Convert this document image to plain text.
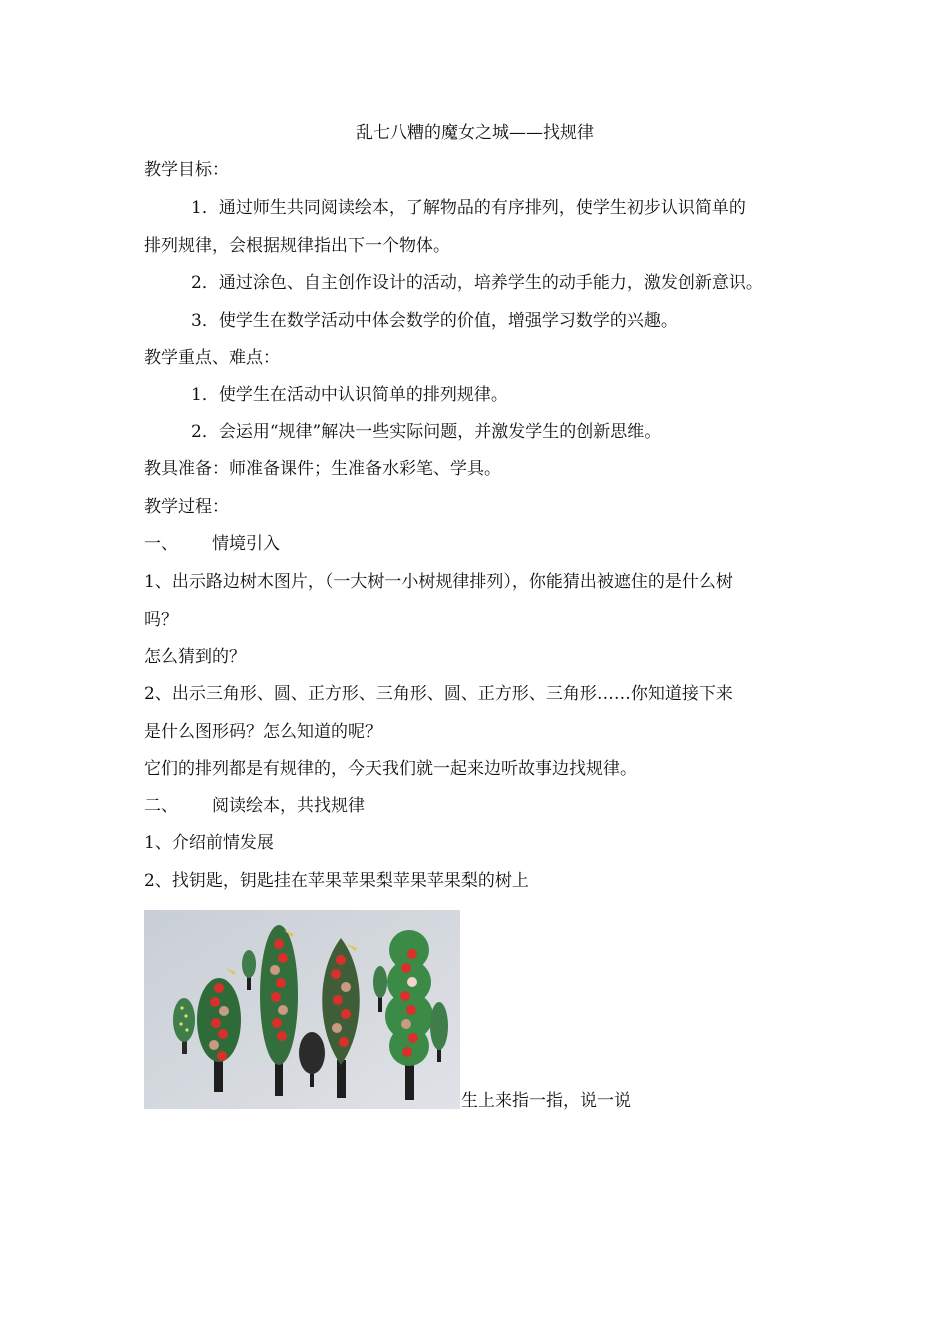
乱七八糟的魔女之城——找规律
教学目标：
1．通过师生共同阅读绘本，了解物品的有序排列，使学生初步认识简单的
排列规律，会根据规律指出下一个物体。
2．通过涂色、自主创作设计的活动，培养学生的动手能力，激发创新意识。
3．使学生在数学活动中体会数学的价值，增强学习数学的兴趣。
教学重点、难点：
1．使学生在活动中认识简单的排列规律。
2．会运用“规律”解决一些实际问题，并激发学生的创新思维。
教具准备：师准备课件；生准备水彩笔、学具。
教学过程：
一、 情境引入
1、出示路边树木图片，（一大树一小树规律排列），你能猜出被遮住的是什么树
吗？
怎么猜到的？
2、出示三角形、圆、正方形、三角形、圆、正方形、三角形……你知道接下来
是什么图形码？怎么知道的呢？
它们的排列都是有规律的，今天我们就一起来边听故事边找规律。
二、 阅读绘本，共找规律
1、介绍前情发展
2、找钥匙，钥匙挂在苹果苹果梨苹果苹果梨的树上
生上来指一指，说一说
